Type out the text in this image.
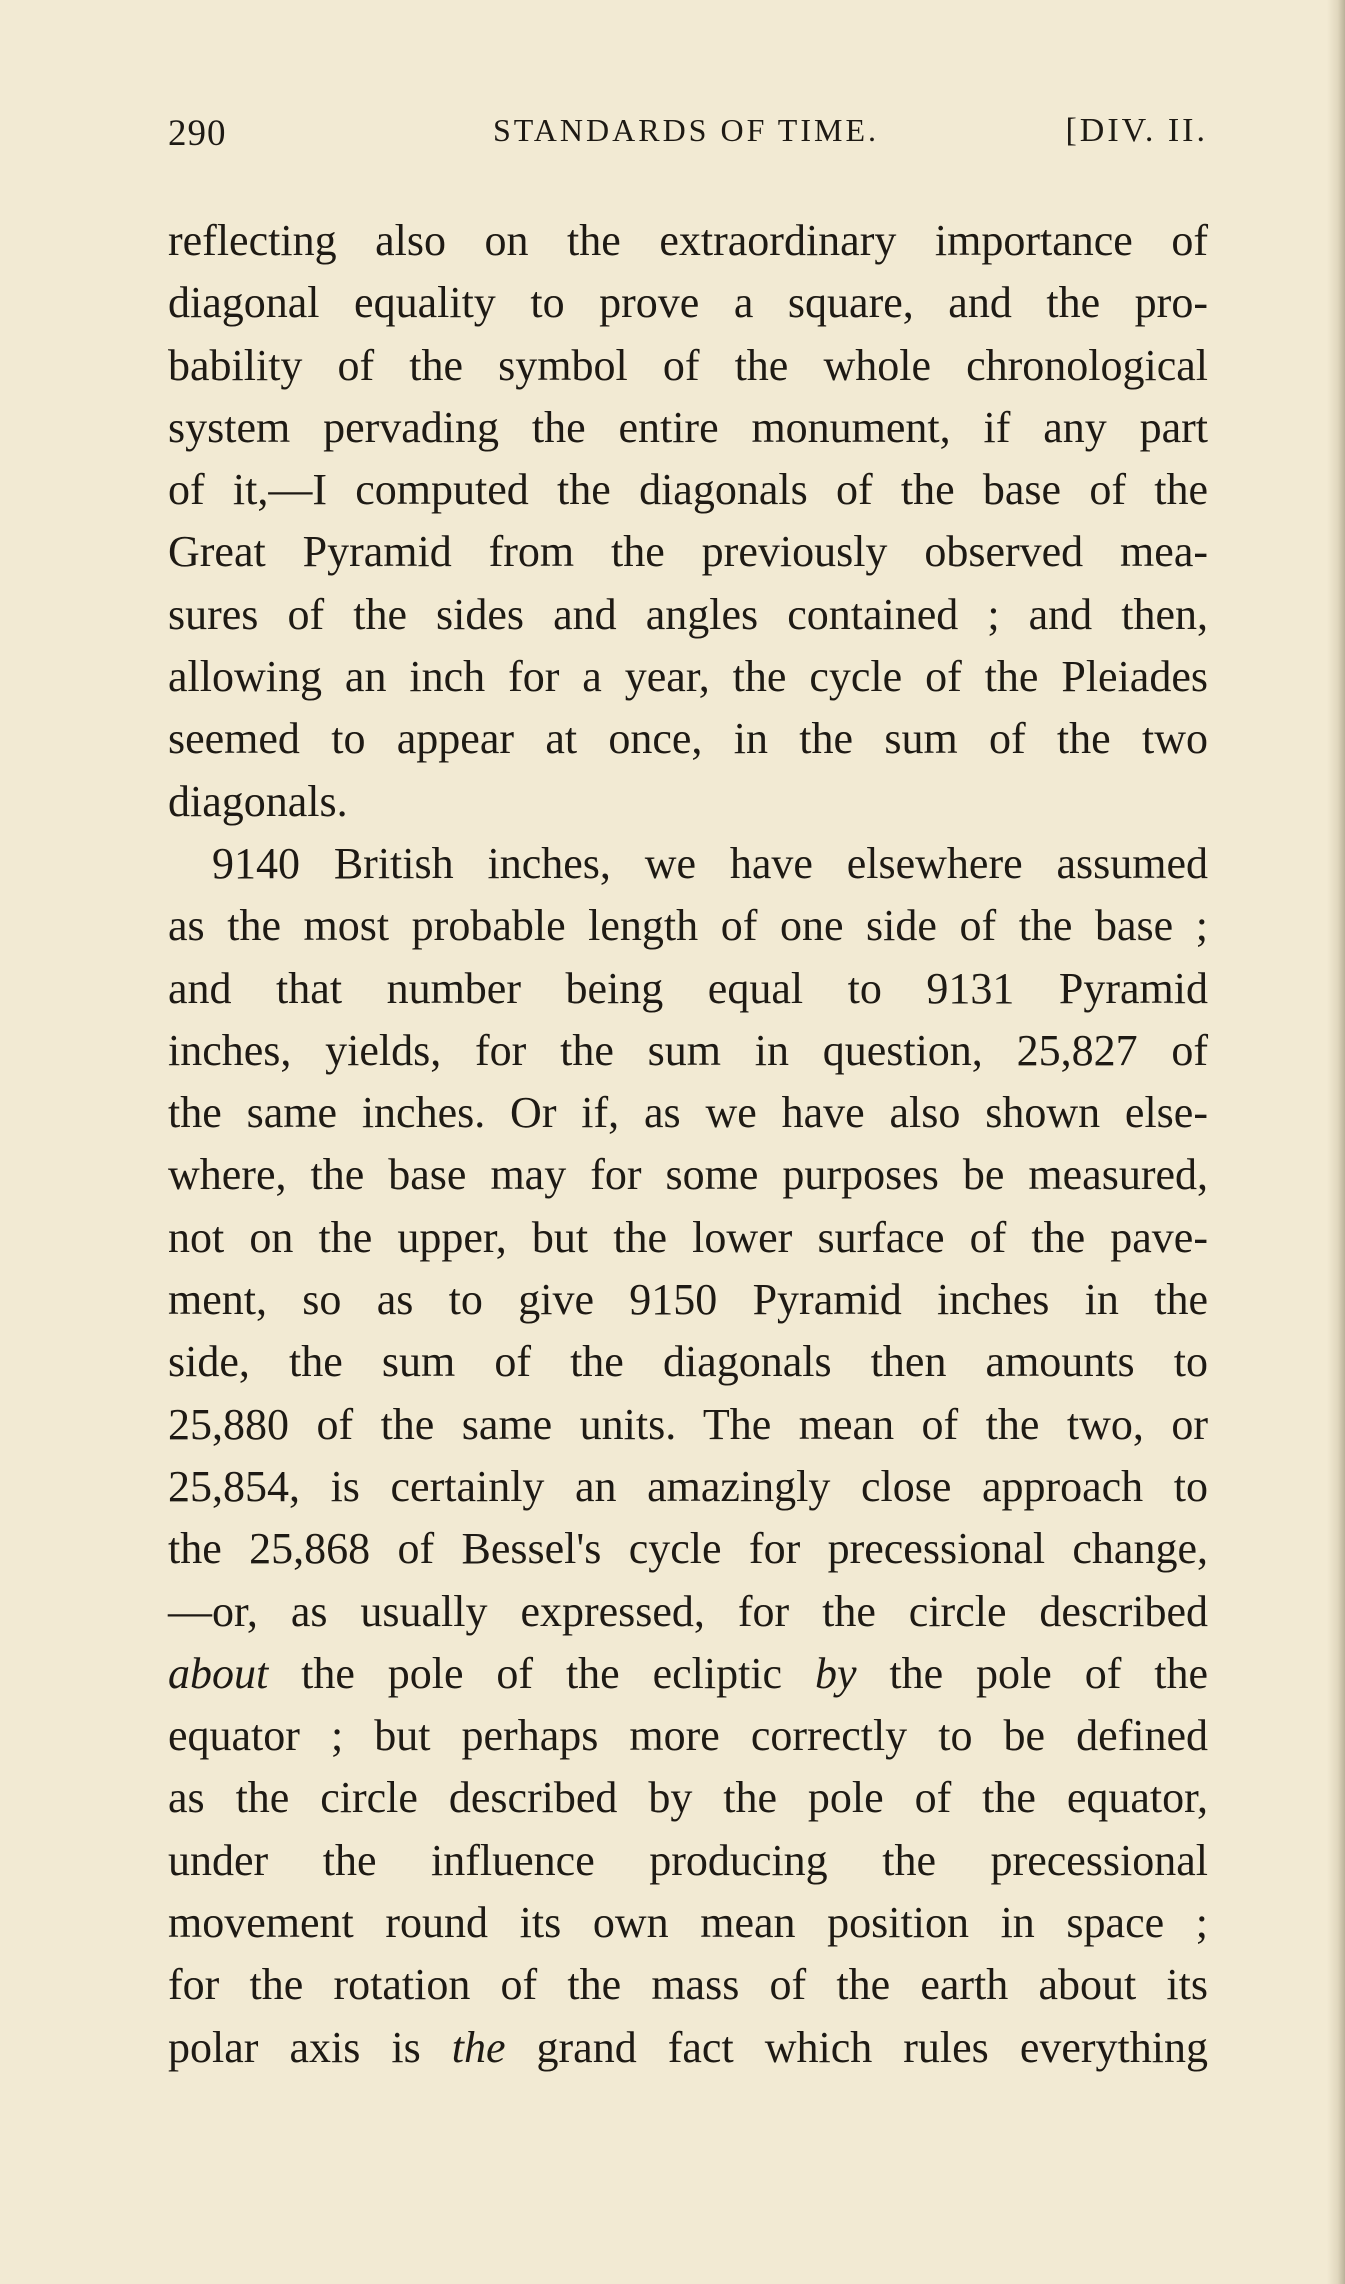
290	STANDARDS OF TIME.	[DIV. II.
reflecting also on the extraordinary importance of
diagonal equality to prove a square, and the pro-
bability of the symbol of the whole chronological
system pervading the entire monument, if any part
of it,—I computed the diagonals of the base of the
Great Pyramid from the previously observed mea-
sures of the sides and angles contained ; and then,
allowing an inch for a year, the cycle of the Pleiades
seemed to appear at once, in the sum of the two
diagonals.
9140 British inches, we have elsewhere assumed
as the most probable length of one side of the base ;
and that number being equal to 9131 Pyramid
inches, yields, for the sum in question, 25,827 of
the same inches. Or if, as we have also shown else-
where, the base may for some purposes be measured,
not on the upper, but the lower surface of the pave-
ment, so as to give 9150 Pyramid inches in the
side, the sum of the diagonals then amounts to
25,880 of the same units. The mean of the two, or
25,854, is certainly an amazingly close approach to
the 25,868 of Bessel's cycle for precessional change,
—or, as usually expressed, for the circle described
about the pole of the ecliptic by the pole of the
equator ; but perhaps more correctly to be defined
as the circle described by the pole of the equator,
under the influence producing the precessional
movement round its own mean position in space ;
for the rotation of the mass of the earth about its
polar axis is the grand fact which rules everything
